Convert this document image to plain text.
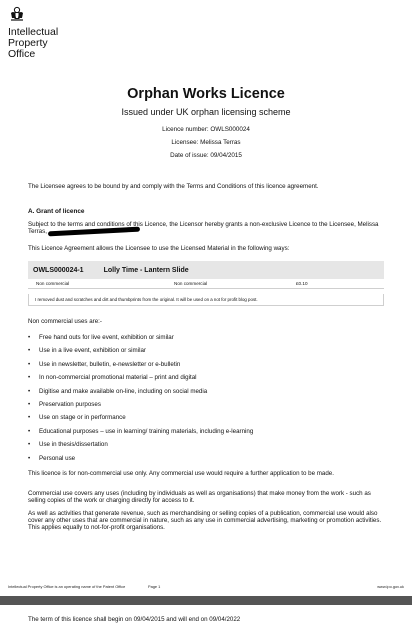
Intellectual
Property
Office
Orphan Works Licence
Issued under UK orphan licensing scheme
Licence number: OWLS000024
Licensee: Melissa Terras
Date of issue: 09/04/2015
The Licensee agrees to be bound by and comply with the Terms and Conditions of this licence agreement.
A. Grant of licence
Subject to the terms and conditions of this Licence, the Licensor hereby grants a non-exclusive Licence to the Licensee, Melissa Terras,
This Licence Agreement allows the Licensee to use the Licensed Material in the following ways:
OWLS000024-1	Lolly Time - Lantern Slide
Non commercial	Non commercial	£0.10
I removed dust and scratches and dirt and thumbprints from the original. It will be used on a not for profit blog post.
Non commercial uses are:-
• Free hand outs for live event, exhibition or similar
• Use in a live event, exhibition or similar
• Use in newsletter, bulletin, e-newsletter or e-bulletin
• In non-commercial promotional material – print and digital
• Digitise and make available on-line, including on social media
• Preservation purposes
• Use on stage or in performance
• Educational purposes – use in learning/ training materials, including e-learning
• Use in thesis/dissertation
• Personal use
This licence is for non-commercial use only. Any commercial use would require a further application to be made.
Commercial use covers any uses (including by individuals as well as organisations) that make money from the work - such as selling copies of the work or charging directly for access to it.
As well as activities that generate revenue, such as merchandising or selling copies of a publication, commercial use would also cover any other uses that are commercial in nature, such as any use in commercial advertising, marketing or promotion activities. This applies equally to not-for-profit organisations.
Intellectual Property Office is an operating name of the Patent Office	Page 1	www.ipo.gov.uk
The term of this licence shall begin on 09/04/2015 and will end on 09/04/2022
